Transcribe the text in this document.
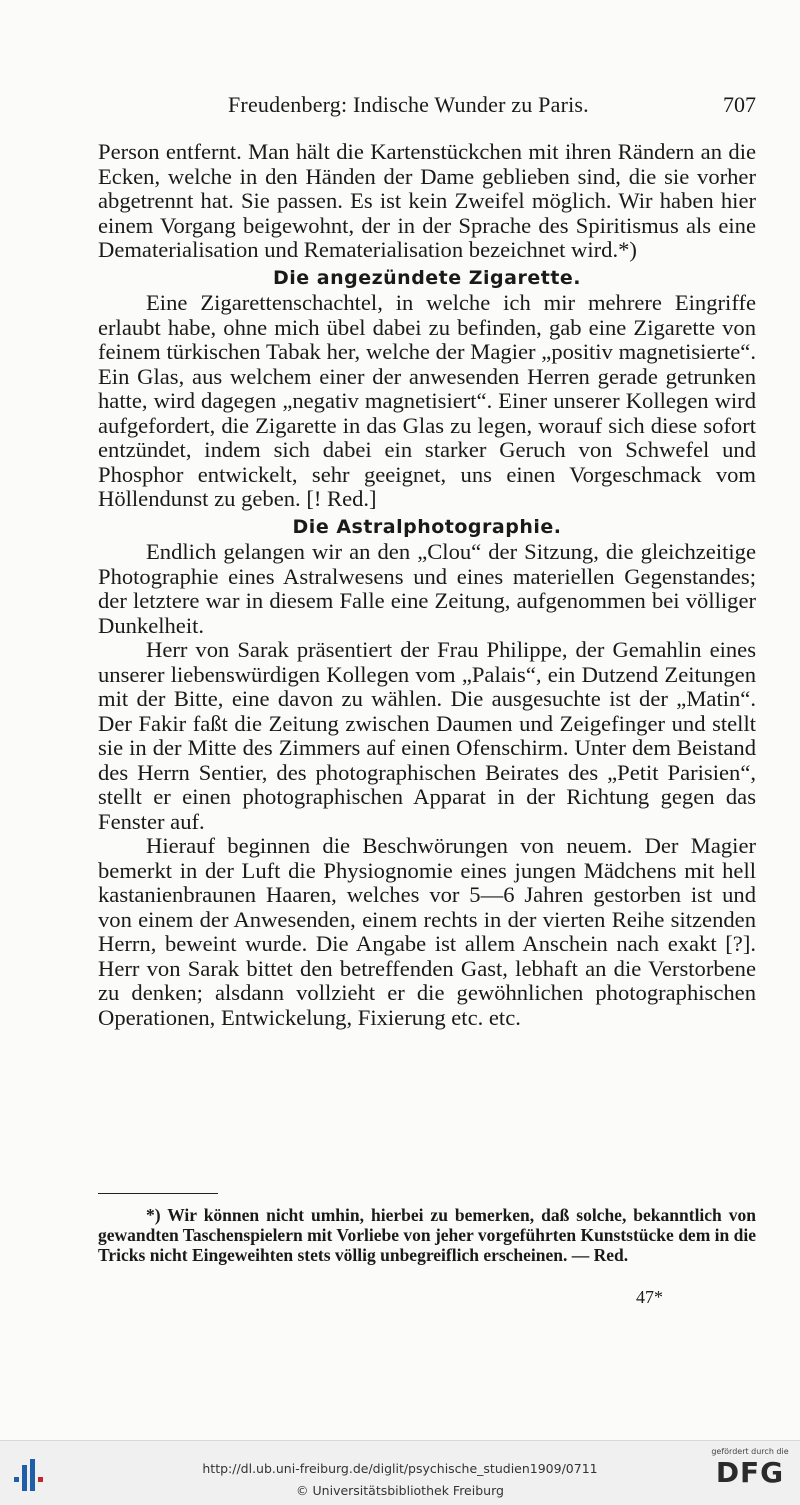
Freudenberg: Indische Wunder zu Paris.	707

Person entfernt. Man hält die Kartenstückchen mit ihren Rändern an die Ecken, welche in den Händen der Dame geblieben sind, die sie vorher abgetrennt hat. Sie passen. Es ist kein Zweifel möglich. Wir haben hier einem Vorgang beigewohnt, der in der Sprache des Spiritismus als eine Dematerialisation und Rematerialisation bezeichnet wird.*)

Die angezündete Zigarette.

Eine Zigarettenschachtel, in welche ich mir mehrere Eingriffe erlaubt habe, ohne mich übel dabei zu befinden, gab eine Zigarette von feinem türkischen Tabak her, welche der Magier „positiv magnetisierte“. Ein Glas, aus welchem einer der anwesenden Herren gerade getrunken hatte, wird dagegen „negativ magnetisiert“. Einer unserer Kollegen wird aufgefordert, die Zigarette in das Glas zu legen, worauf sich diese sofort entzündet, indem sich dabei ein starker Geruch von Schwefel und Phosphor entwickelt, sehr geeignet, uns einen Vorgeschmack vom Höllendunst zu geben. [! Red.]

Die Astralphotographie.

Endlich gelangen wir an den „Clou“ der Sitzung, die gleichzeitige Photographie eines Astralwesens und eines materiellen Gegenstandes; der letztere war in diesem Falle eine Zeitung, aufgenommen bei völliger Dunkelheit.

Herr von Sarak präsentiert der Frau Philippe, der Gemahlin eines unserer liebenswürdigen Kollegen vom „Palais“, ein Dutzend Zeitungen mit der Bitte, eine davon zu wählen. Die ausgesuchte ist der „Matin“. Der Fakir faßt die Zeitung zwischen Daumen und Zeigefinger und stellt sie in der Mitte des Zimmers auf einen Ofenschirm. Unter dem Beistand des Herrn Sentier, des photographischen Beirates des „Petit Parisien“, stellt er einen photographischen Apparat in der Richtung gegen das Fenster auf.

Hierauf beginnen die Beschwörungen von neuem. Der Magier bemerkt in der Luft die Physiognomie eines jungen Mädchens mit hell kastanienbraunen Haaren, welches vor 5—6 Jahren gestorben ist und von einem der Anwesenden, einem rechts in der vierten Reihe sitzenden Herrn, beweint wurde. Die Angabe ist allem Anschein nach exakt [?]. Herr von Sarak bittet den betreffenden Gast, lebhaft an die Verstorbene zu denken; alsdann vollzieht er die gewöhnlichen photographischen Operationen, Entwickelung, Fixierung etc. etc.

*) Wir können nicht umhin, hierbei zu bemerken, daß solche, bekanntlich von gewandten Taschenspielern mit Vorliebe von jeher vorgeführten Kunststücke dem in die Tricks nicht Eingeweihten stets völlig unbegreiflich erscheinen. — Red.

47*
http://dl.ub.uni-freiburg.de/diglit/psychische_studien1909/0711
© Universitätsbibliothek Freiburg
gefördert durch die
DFG
